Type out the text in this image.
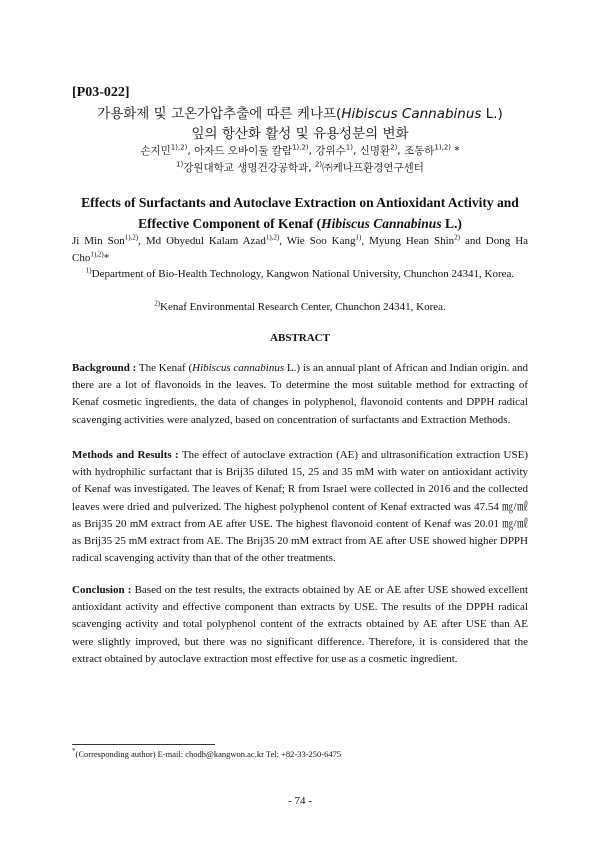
[P03-022]
가용화제 및 고온가압추출에 따른 케나프(Hibiscus Cannabinus L.)
잎의 항산화 활성 및 유용성분의 변화
손지민$^{1),2)}$, 아자드 오바이둘 칼람$^{1),2)}$, 강위수$^{1)}$, 신명환$^{2)}$, 조동하$^{1),2)}$ *
$^{1)}$강원대학교 생명건강공학과, $^{2)}$㈜케나프환경연구센터
Effects of Surfactants and Autoclave Extraction on Antioxidant Activity and
Effective Component of Kenaf (Hibiscus Cannabinus L.)
Ji Min Son$^{1),2)}$, Md Obyedul Kalam Azad$^{1),2)}$, Wie Soo Kang$^{1)}$, Myung Hean Shin$^{2)}$ and Dong Ha Cho$^{1),2)}$*
$^{1)}$Department of Bio-Health Technology, Kangwon National University, Chunchon 24341, Korea.
$^{2)}$Kenaf Environmental Research Center, Chunchon 24341, Korea.
ABSTRACT
Background : The Kenaf (Hibiscus cannabinus L.) is an annual plant of African and Indian origin. and there are a lot of flavonoids in the leaves. To determine the most suitable method for extracting of Kenaf cosmetic ingredients, the data of changes in polyphenol, flavonoid contents and DPPH radical scavenging activities were analyzed, based on concentration of surfactants and Extraction Methods.
Methods and Results : The effect of autoclave extraction (AE) and ultrasonification extraction USE) with hydrophilic surfactant that is Brij35 diluted 15, 25 and 35 mM with water on antioxidant activity of Kenaf was investigated. The leaves of Kenaf; R from Israel were collected in 2016 and the collected leaves were dried and pulverized. The highest polyphenol content of Kenaf extracted was 47.54 ㎎/㎖ as Brij35 20 mM extract from AE after USE. The highest flavonoid content of Kenaf was 20.01 ㎎/㎖ as Brij35 25 mM extract from AE. The Brij35 20 mM extract from AE after USE showed higher DPPH radical scavenging activity than that of the other treatments.
Conclusion : Based on the test results, the extracts obtained by AE or AE after USE showed excellent antioxidant activity and effective component than extracts by USE. The results of the DPPH radical scavenging activity and total polyphenol content of the extracts obtained by AE after USE than AE were slightly improved, but there was no significant difference. Therefore, it is considered that the extract obtained by autoclave extraction most effective for use as a cosmetic ingredient.
*(Corresponding author) E-mail: chodh@kangwon.ac.kr Tel: +82-33-250-6475
- 74 -
